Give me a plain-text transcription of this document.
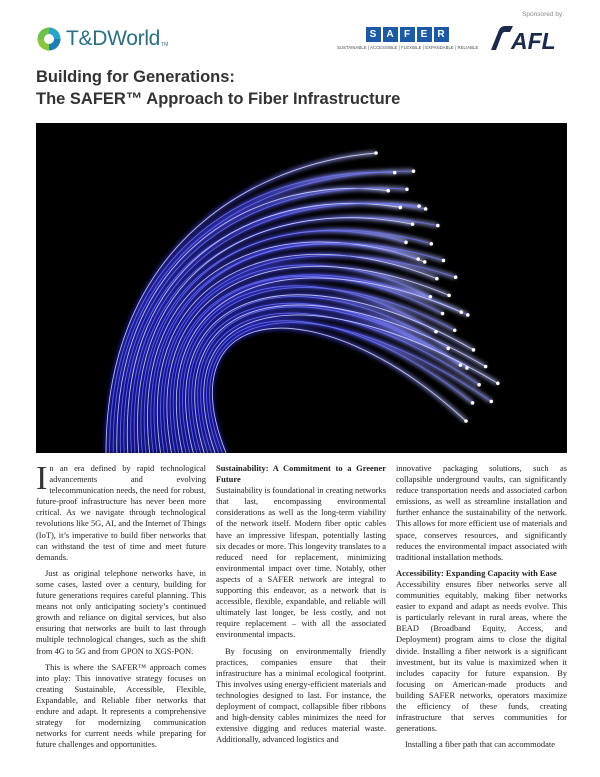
Sponsored by:
T&DWorld TM
S	A	F	E	R
SUSTAINABLE | ACCESSIBLE | FLEXIBLE | EXPANDABLE | RELIABLE AFL
Building for Generations:
The SAFER™ Approach to Fiber Infrastructure

In an era defined by rapid technological advancements and evolving telecommunication needs, the need for robust, future-proof infrastructure has never been more critical. As we navigate through technological revolutions like 5G, AI, and the Internet of Things (IoT), it’s imperative to build fiber networks that can withstand the test of time and meet future demands.

Just as original telephone networks have, in some cases, lasted over a century, building for future generations requires careful planning. This means not only anticipating society’s continued growth and reliance on digital services, but also ensuring that networks are built to last through multiple technological changes, such as the shift from 4G to 5G and from GPON to XGS-PON.

This is where the SAFER™ approach comes into play: This innovative strategy focuses on creating Sustainable, Accessible, Flexible, Expandable, and Reliable fiber networks that endure and adapt. It represents a comprehensive strategy for modernizing communication networks for current needs while preparing for future challenges and opportunities.

Sustainability: A Commitment to a Greener Future

Sustainability is foundational in creating networks that last, encompassing environmental considerations as well as the long-term viability of the network itself. Modern fiber optic cables have an impressive lifespan, potentially lasting six decades or more. This longevity translates to a reduced need for replacement, minimizing environmental impact over time. Notably, other aspects of a SAFER network are integral to supporting this endeavor, as a network that is accessible, flexible, expandable, and reliable will ultimately last longer, be less costly, and not require replacement – with all the associated environmental impacts.

By focusing on environmentally friendly practices, companies ensure that their infrastructure has a minimal ecological footprint. This involves using energy-efficient materials and technologies designed to last. For instance, the deployment of compact, collapsible fiber ribbons and high-density cables minimizes the need for extensive digging and reduces material waste. Additionally, advanced logistics and

innovative packaging solutions, such as collapsible underground vaults, can significantly reduce transportation needs and associated carbon emissions, as well as streamline installation and further enhance the sustainability of the network. This allows for more efficient use of materials and space, conserves resources, and significantly reduces the environmental impact associated with traditional installation methods.

Accessibility: Expanding Capacity with Ease

Accessibility ensures fiber networks serve all communities equitably, making fiber networks easier to expand and adapt as needs evolve. This is particularly relevant in rural areas, where the BEAD (Broadband Equity, Access, and Deployment) program aims to close the digital divide. Installing a fiber network is a significant investment, but its value is maximized when it includes capacity for future expansion. By focusing on American-made products and building SAFER networks, operators maximize the efficiency of these funds, creating infrastructure that serves communities for generations.

Installing a fiber path that can accommodate
